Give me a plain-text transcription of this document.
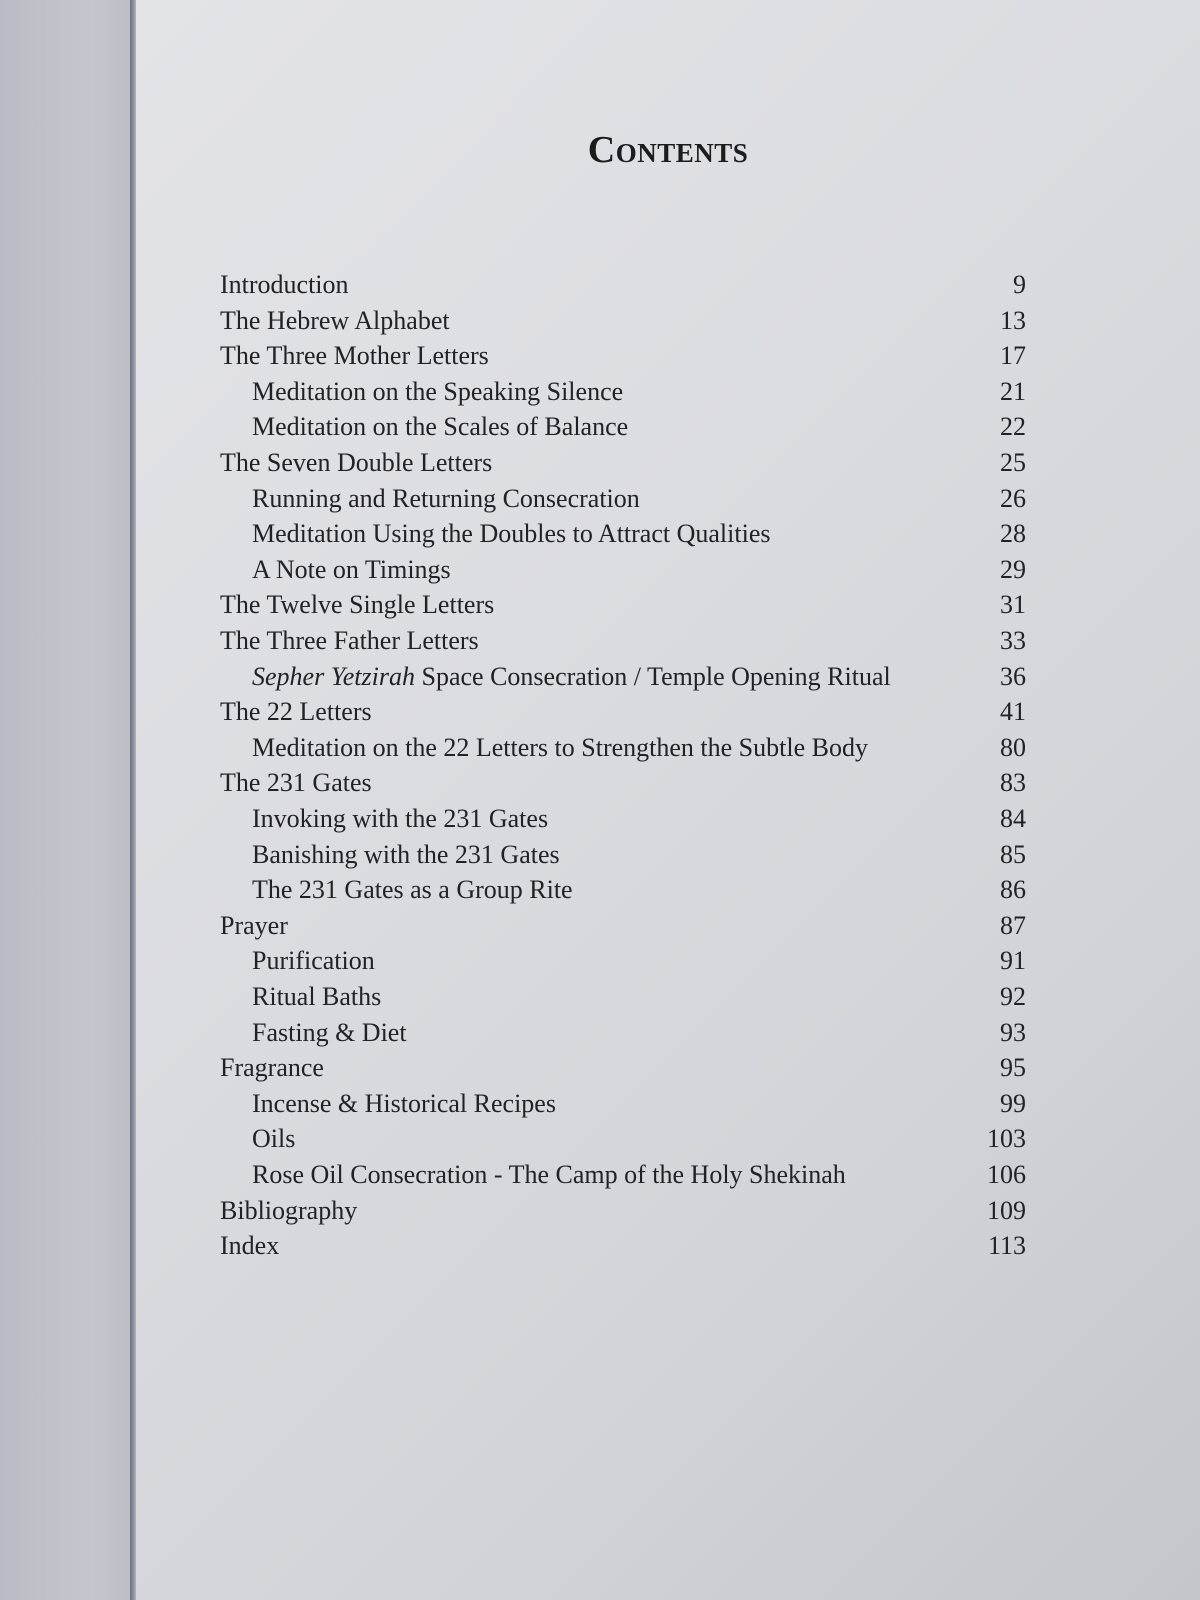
Contents
Introduction	9
The Hebrew Alphabet	13
The Three Mother Letters	17
Meditation on the Speaking Silence	21
Meditation on the Scales of Balance	22
The Seven Double Letters	25
Running and Returning Consecration	26
Meditation Using the Doubles to Attract Qualities	28
A Note on Timings	29
The Twelve Single Letters	31
The Three Father Letters	33
Sepher Yetzirah Space Consecration / Temple Opening Ritual	36
The 22 Letters	41
Meditation on the 22 Letters to Strengthen the Subtle Body	80
The 231 Gates	83
Invoking with the 231 Gates	84
Banishing with the 231 Gates	85
The 231 Gates as a Group Rite	86
Prayer	87
Purification	91
Ritual Baths	92
Fasting & Diet	93
Fragrance	95
Incense & Historical Recipes	99
Oils	103
Rose Oil Consecration - The Camp of the Holy Shekinah	106
Bibliography	109
Index	113
